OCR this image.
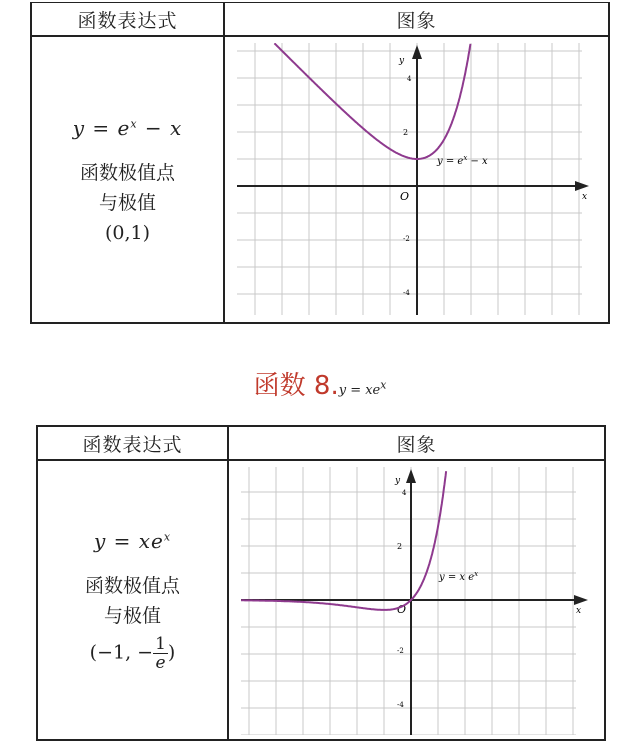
函数表达式	图象
$y = e^x - x$
函数极值点
与极值
(0,1)
y
x
O
2
4
-2
-4
$y = e^x - x$
函数 $8.y = xe^x$
函数表达式	图象
$y = xe^x$
函数极值点
与极值
(−1, − $\frac{1}{e}$ )
y
x
O
2
4
-2
-4
y = x $e^x$
